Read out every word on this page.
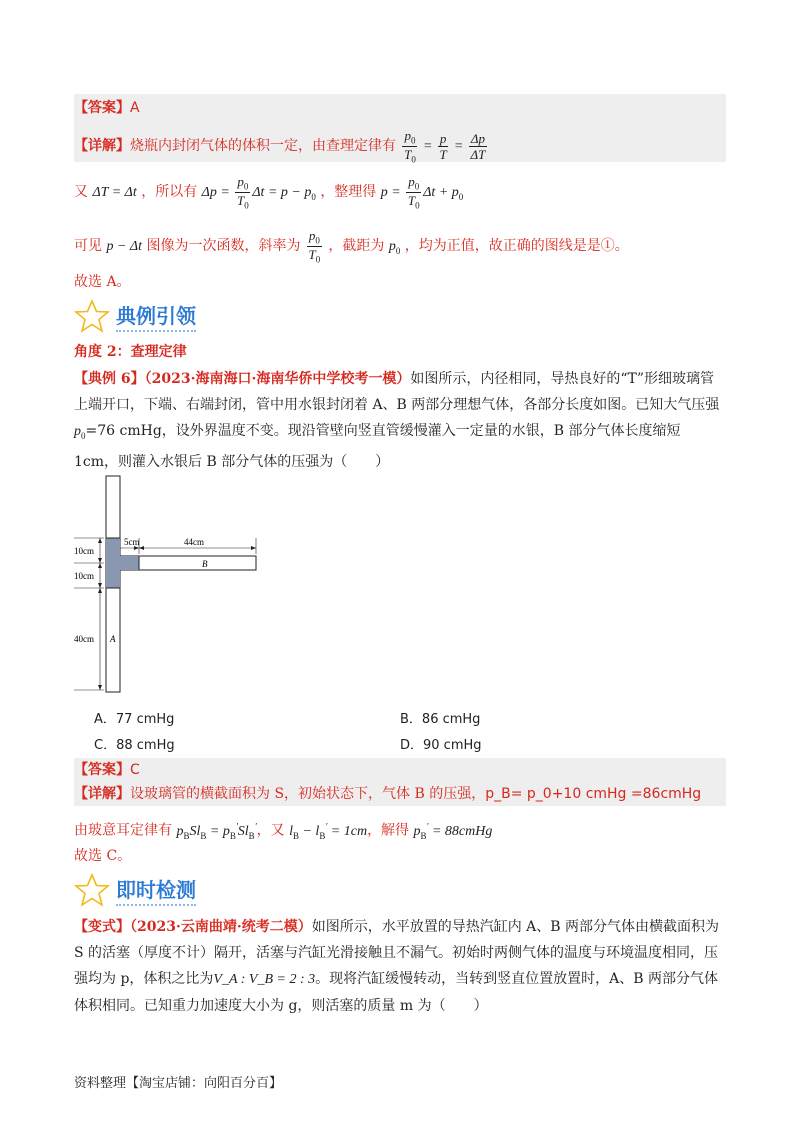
【答案】A
【详解】烧瓶内封闭气体的体积一定，由查理定律有 $\frac{p_0}{T_0} = \frac{p}{T} = \frac{\Delta p}{\Delta T}$
又 ΔT = Δt ，所以有 $\Delta p = \frac{p_0}{T_0}$ $\Delta t = p - p_0$ ，整理得 $p = \frac{p_0}{T_0}$ $\Delta t + p_0$
可见 p − Δt 图像为一次函数，斜率为 $\frac{p_0}{T_0}$ ，截距为 $p_0$ ，均为正值，故正确的图线是是①。
故选 A。
典例引领
角度 2：查理定律
【典例 6】（2023·海南海口·海南华侨中学校考一模）如图所示，内径相同，导热良好的“T”形细玻璃管上端开口，下端、右端封闭，管中用水银封闭着 A、B 两部分理想气体，各部分长度如图。已知大气压强$p_0=76$ cmHg，设外界温度不变。现沿管壁向竖直管缓慢灌入一定量的水银，B 部分气体长度缩短 1cm，则灌入水银后 B 部分气体的压强为（　　）
5cm	44cm
B
10cm
10cm
40cm A
A．77 cmHg	B．86 cmHg
C．88 cmHg	D．90 cmHg
【答案】C
【详解】设玻璃管的横截面积为 S，初始状态下，气体 B 的压强，p_B= p_0+10 cmHg =86cmHg
由玻意耳定律有 $p_BSl_B = p_B'Sl_B'$，又 $l_B - l_B' = 1cm$，解得 $p_B'$ = 88cmHg
故选 C。
即时检测
【变式】（2023·云南曲靖·统考二模）如图所示，水平放置的导热汽缸内 A、B 两部分气体由横截面积为 S 的活塞（厚度不计）隔开，活塞与汽缸光滑接触且不漏气。初始时两侧气体的温度与环境温度相同，压强均为 p，体积之比为V_A : V_B = 2 : 3。现将汽缸缓慢转动，当转到竖直位置放置时，A、B 两部分气体体积相同。已知重力加速度大小为 g，则活塞的质量 m 为（　　）
资料整理【淘宝店铺：向阳百分百】
